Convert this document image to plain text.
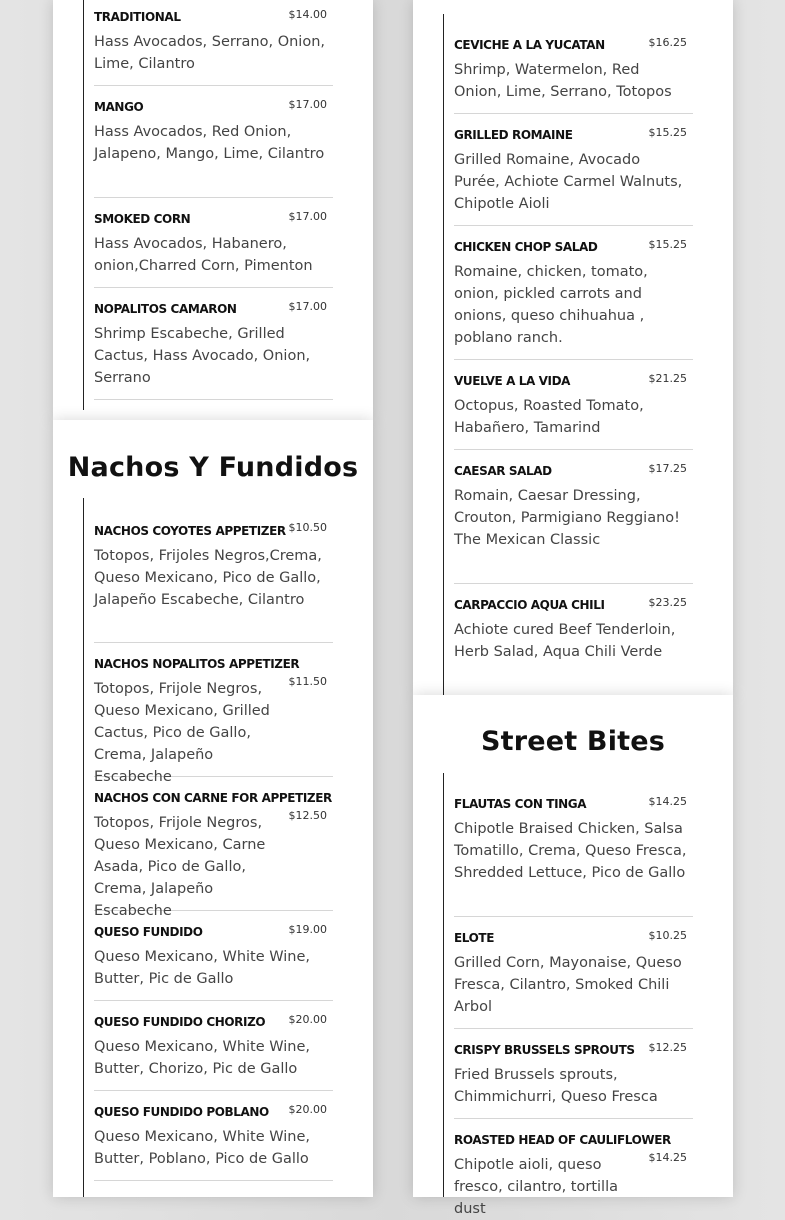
TRADITIONAL	$14.00
Hass Avocados, Serrano, Onion, Lime, Cilantro
MANGO	$17.00
Hass Avocados, Red Onion, Jalapeno, Mango, Lime, Cilantro
SMOKED CORN	$17.00
Hass Avocados, Habanero, onion,Charred Corn, Pimenton
NOPALITOS CAMARON	$17.00
Shrimp Escabeche, Grilled Cactus, Hass Avocado, Onion, Serrano
Nachos Y Fundidos
NACHOS COYOTES APPETIZER $10.50
Totopos, Frijoles Negros,Crema, Queso Mexicano, Pico de Gallo, Jalapeño Escabeche, Cilantro
NACHOS NOPALITOS APPETIZER
$11.50
Totopos, Frijole Negros, Queso Mexicano, Grilled Cactus, Pico de Gallo, Crema, Jalapeño Escabeche
NACHOS CON CARNE FOR APPETIZER
$12.50
Totopos, Frijole Negros, Queso Mexicano, Carne Asada, Pico de Gallo, Crema, Jalapeño Escabeche
QUESO FUNDIDO	$19.00
Queso Mexicano, White Wine, Butter, Pic de Gallo
QUESO FUNDIDO CHORIZO $20.00
Queso Mexicano, White Wine, Butter, Chorizo, Pic de Gallo
QUESO FUNDIDO POBLANO $20.00
Queso Mexicano, White Wine, Butter, Poblano, Pico de Gallo
CEVICHE A LA YUCATAN	$16.25
Shrimp, Watermelon, Red Onion, Lime, Serrano, Totopos
GRILLED ROMAINE	$15.25
Grilled Romaine, Avocado Purée, Achiote Carmel Walnuts, Chipotle Aioli
CHICKEN CHOP SALAD	$15.25
Romaine, chicken, tomato, onion, pickled carrots and onions, queso chihuahua , poblano ranch.
VUELVE A LA VIDA	$21.25
Octopus, Roasted Tomato, Habañero, Tamarind
CAESAR SALAD	$17.25
Romain, Caesar Dressing, Crouton, Parmigiano Reggiano! The Mexican Classic
CARPACCIO AQUA CHILI	$23.25
Achiote cured Beef Tenderloin, Herb Salad, Aqua Chili Verde
Street Bites
FLAUTAS CON TINGA	$14.25
Chipotle Braised Chicken, Salsa Tomatillo, Crema, Queso Fresca, Shredded Lettuce, Pico de Gallo
ELOTE	$10.25
Grilled Corn, Mayonaise, Queso Fresca, Cilantro, Smoked Chili Arbol
CRISPY BRUSSELS SPROUTS $12.25
Fried Brussels sprouts, Chimmichurri, Queso Fresca
ROASTED HEAD OF CAULIFLOWER
$14.25
Chipotle aioli, queso fresco, cilantro, tortilla dust
